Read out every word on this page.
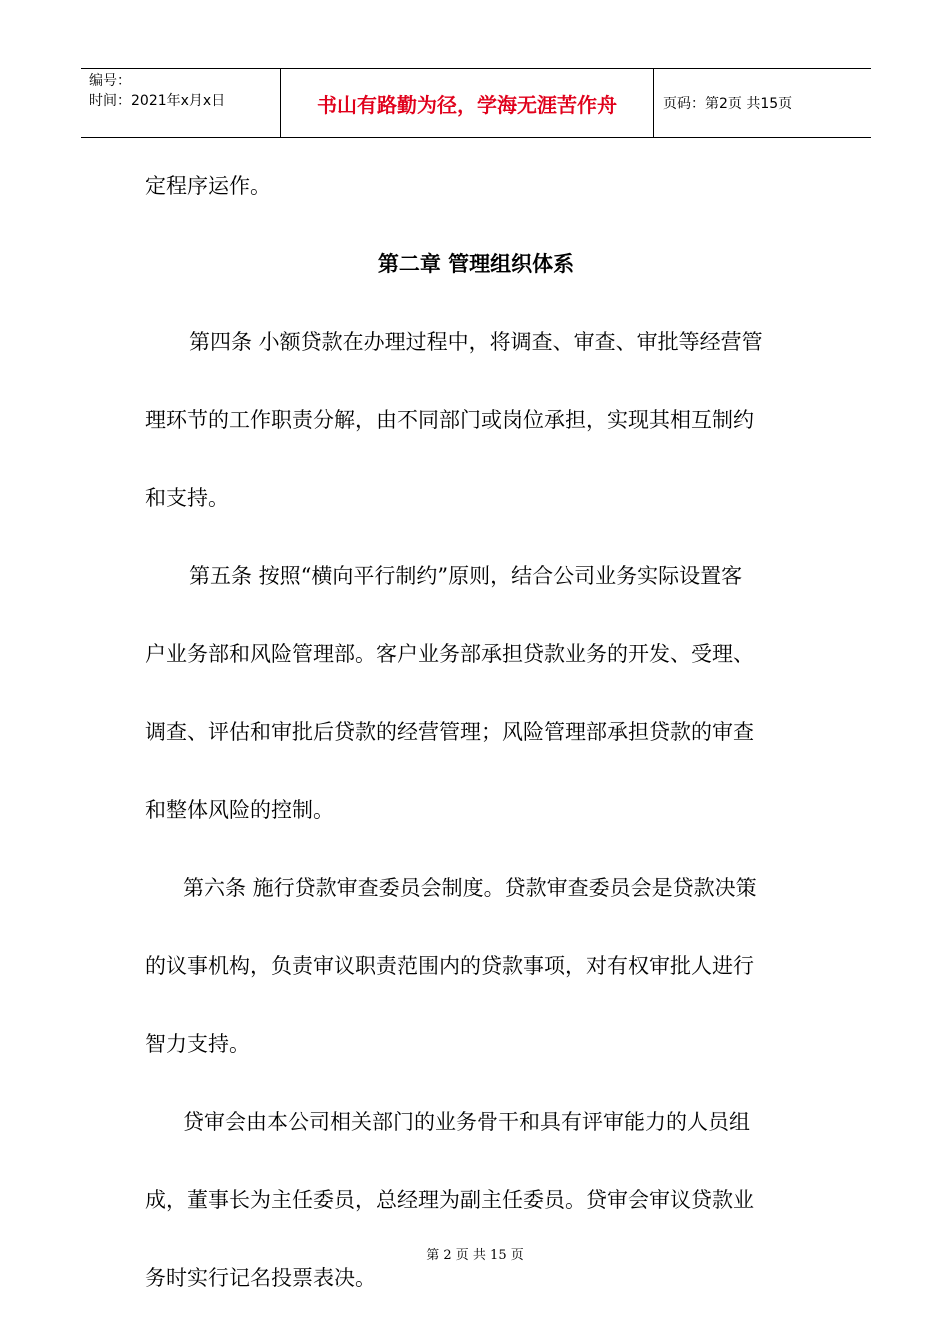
编号：
时间：2021年x月x日	书山有路勤为径，学海无涯苦作舟	页码：第2页 共15页
定程序运作。
第二章 管理组织体系
第四条 小额贷款在办理过程中，将调查、审查、审批等经营管
理环节的工作职责分解，由不同部门或岗位承担，实现其相互制约
和支持。
第五条 按照“横向平行制约”原则，结合公司业务实际设置客
户业务部和风险管理部。客户业务部承担贷款业务的开发、受理、
调查、评估和审批后贷款的经营管理；风险管理部承担贷款的审查
和整体风险的控制。
第六条 施行贷款审查委员会制度。贷款审查委员会是贷款决策
的议事机构，负责审议职责范围内的贷款事项，对有权审批人进行
智力支持。
贷审会由本公司相关部门的业务骨干和具有评审能力的人员组
成，董事长为主任委员，总经理为副主任委员。贷审会审议贷款业
务时实行记名投票表决。
第 2 页 共 15 页
